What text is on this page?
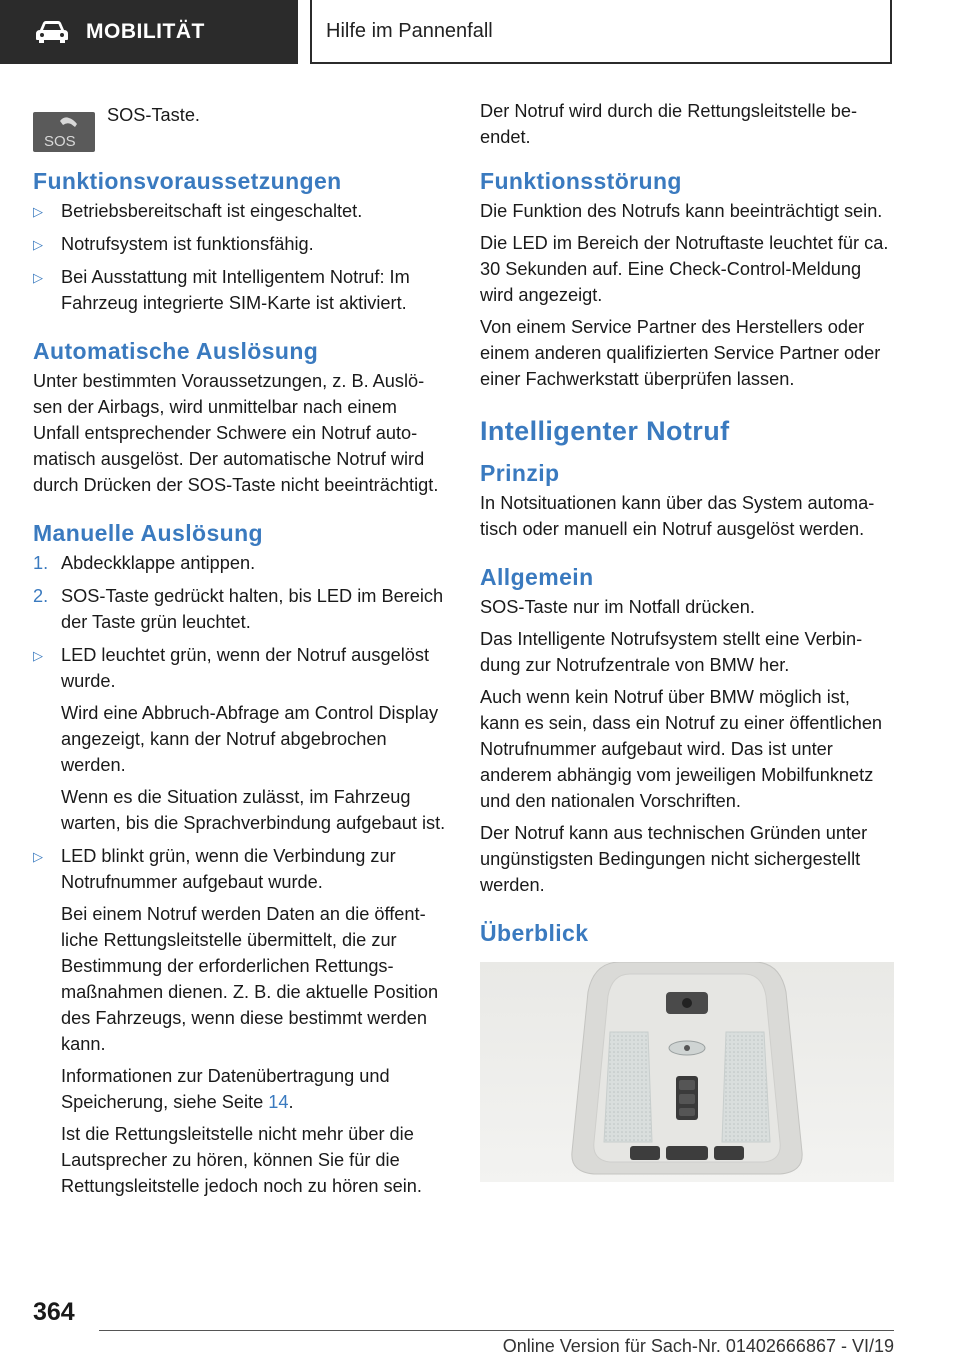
MOBILITÄT	Hilfe im Pannenfall
SOS
SOS-Taste.
Funktionsvoraussetzungen
▷ Betriebsbereitschaft ist eingeschaltet.
▷ Notrufsystem ist funktionsfähig.
▷ Bei Ausstattung mit Intelligentem Notruf: Im Fahrzeug integrierte SIM-Karte ist aktiviert.
Automatische Auslösung

Unter bestimmten Voraussetzungen, z. B. Auslösen der Airbags, wird unmittelbar nach einem Unfall entsprechender Schwere ein Notruf automatisch ausgelöst. Der automatische Notruf wird durch Drücken der SOS-Taste nicht beeinträchtigt.

Manuelle Auslösung
1. Abdeckklappe antippen.
2. SOS-Taste gedrückt halten, bis LED im Bereich der Taste grün leuchtet.
▷ LED leuchtet grün, wenn der Notruf ausgelöst wurde.

Wird eine Abbruch-Abfrage am Control Display angezeigt, kann der Notruf abgebrochen werden.

Wenn es die Situation zulässt, im Fahrzeug warten, bis die Sprachverbindung aufgebaut ist.

▷ LED blinkt grün, wenn die Verbindung zur Notrufnummer aufgebaut wurde.

Bei einem Notruf werden Daten an die öffentliche Rettungsleitstelle übermittelt, die zur Bestimmung der erforderlichen Rettungsmaßnahmen dienen. Z. B. die aktuelle Position des Fahrzeugs, wenn diese bestimmt werden kann.

Informationen zur Datenübertragung und Speicherung, siehe Seite 14.

Ist die Rettungsleitstelle nicht mehr über die Lautsprecher zu hören, können Sie für die Rettungsleitstelle jedoch noch zu hören sein.

Der Notruf wird durch die Rettungsleitstelle beendet.

Funktionsstörung

Die Funktion des Notrufs kann beeinträchtigt sein.

Die LED im Bereich der Notruftaste leuchtet für ca. 30 Sekunden auf. Eine Check-Control-Meldung wird angezeigt.

Von einem Service Partner des Herstellers oder einem anderen qualifizierten Service Partner oder einer Fachwerkstatt überprüfen lassen.

Intelligenter Notruf
Prinzip

In Notsituationen kann über das System automatisch oder manuell ein Notruf ausgelöst werden.

Allgemein

SOS-Taste nur im Notfall drücken.

Das Intelligente Notrufsystem stellt eine Verbindung zur Notrufzentrale von BMW her.

Auch wenn kein Notruf über BMW möglich ist, kann es sein, dass ein Notruf zu einer öffentlichen Notrufnummer aufgebaut wird. Das ist unter anderem abhängig vom jeweiligen Mobilfunknetz und den nationalen Vorschriften.

Der Notruf kann aus technischen Gründen unter ungünstigsten Bedingungen nicht sichergestellt werden.

Überblick
364
Online Version für Sach-Nr. 01402666867 - VI/19
